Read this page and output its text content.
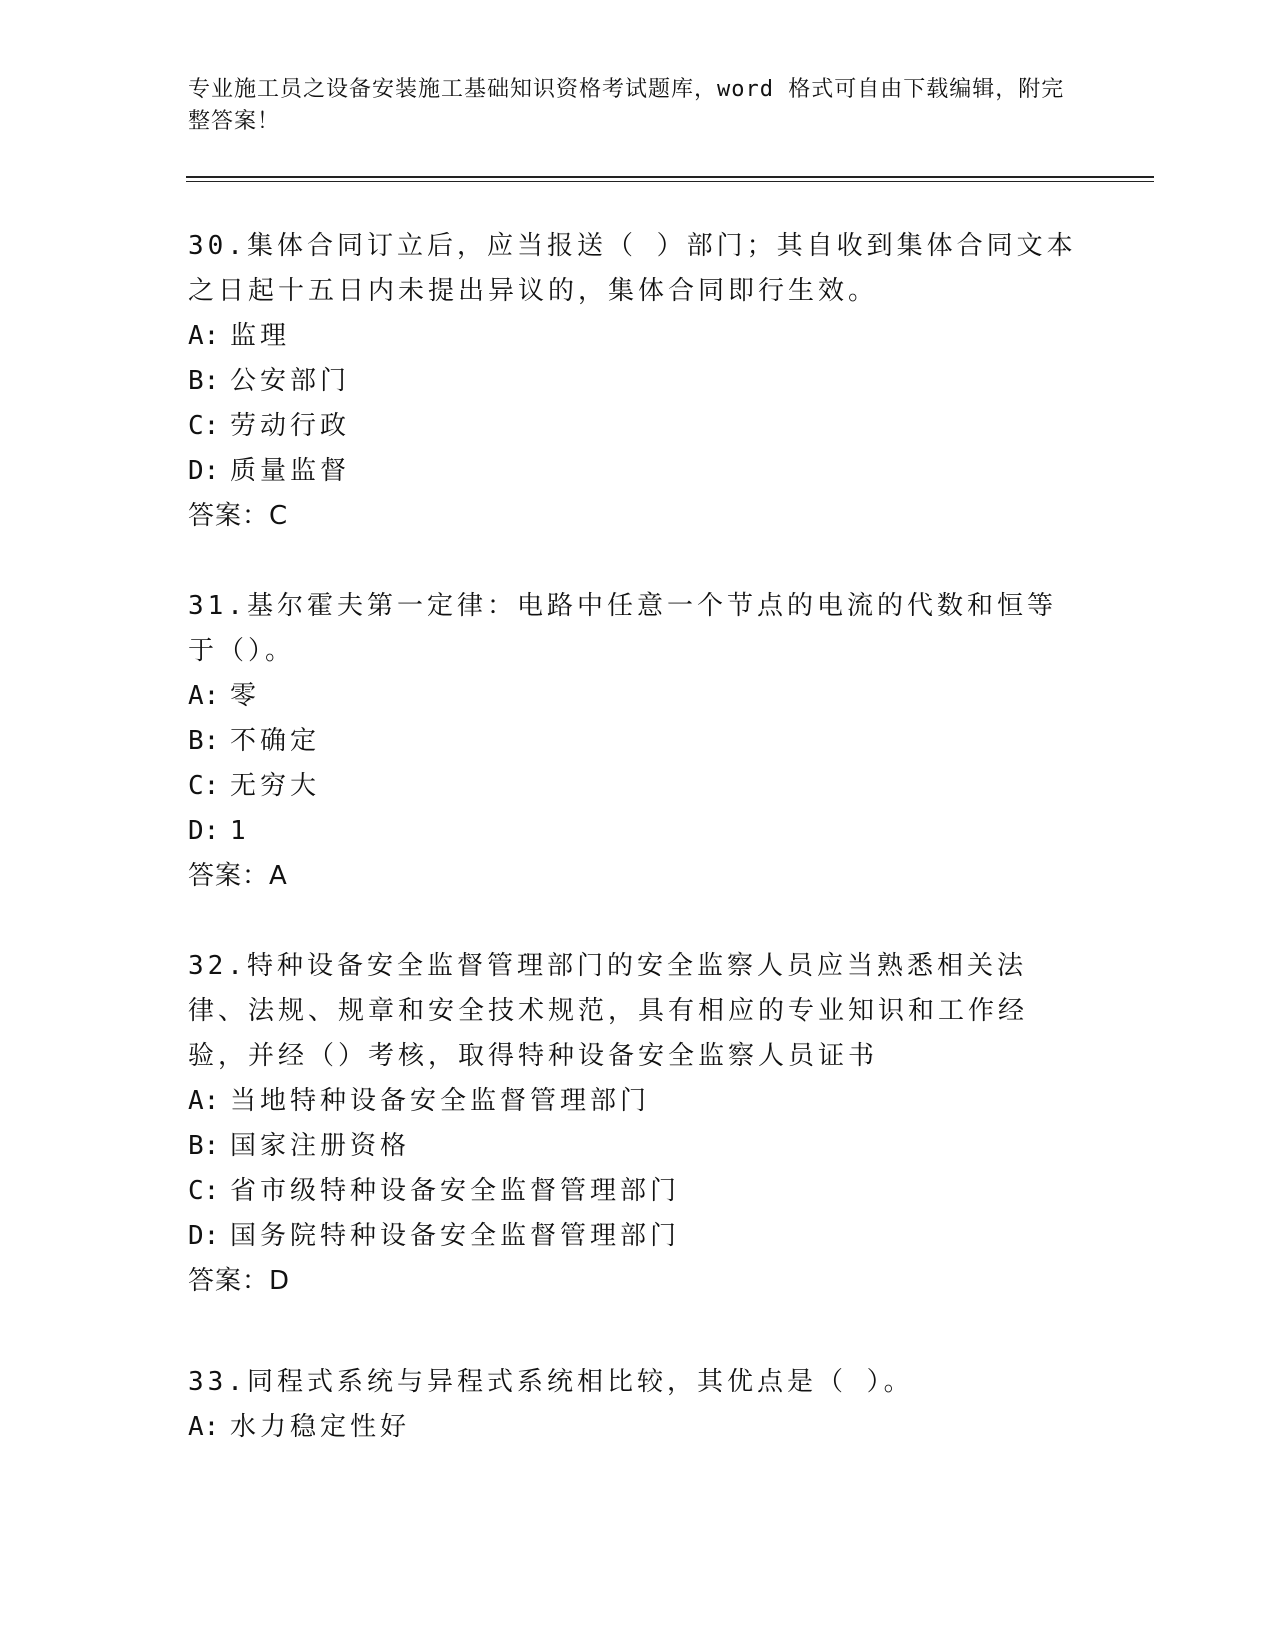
专业施工员之设备安装施工基础知识资格考试题库，word 格式可自由下载编辑，附完整答案！

30.集体合同订立后，应当报送（ ）部门；其自收到集体合同文本之日起十五日内未提出异议的，集体合同即行生效。

A: 监理

B: 公安部门

C: 劳动行政

D: 质量监督

答案：C

31.基尔霍夫第一定律：电路中任意一个节点的电流的代数和恒等于（）。

A: 零

B: 不确定

C: 无穷大

D: 1

答案：A

32.特种设备安全监督管理部门的安全监察人员应当熟悉相关法律、法规、规章和安全技术规范，具有相应的专业知识和工作经验，并经（）考核，取得特种设备安全监察人员证书

A: 当地特种设备安全监督管理部门

B: 国家注册资格

C: 省市级特种设备安全监督管理部门

D: 国务院特种设备安全监督管理部门

答案：D

33.同程式系统与异程式系统相比较，其优点是（ ）。

A: 水力稳定性好
